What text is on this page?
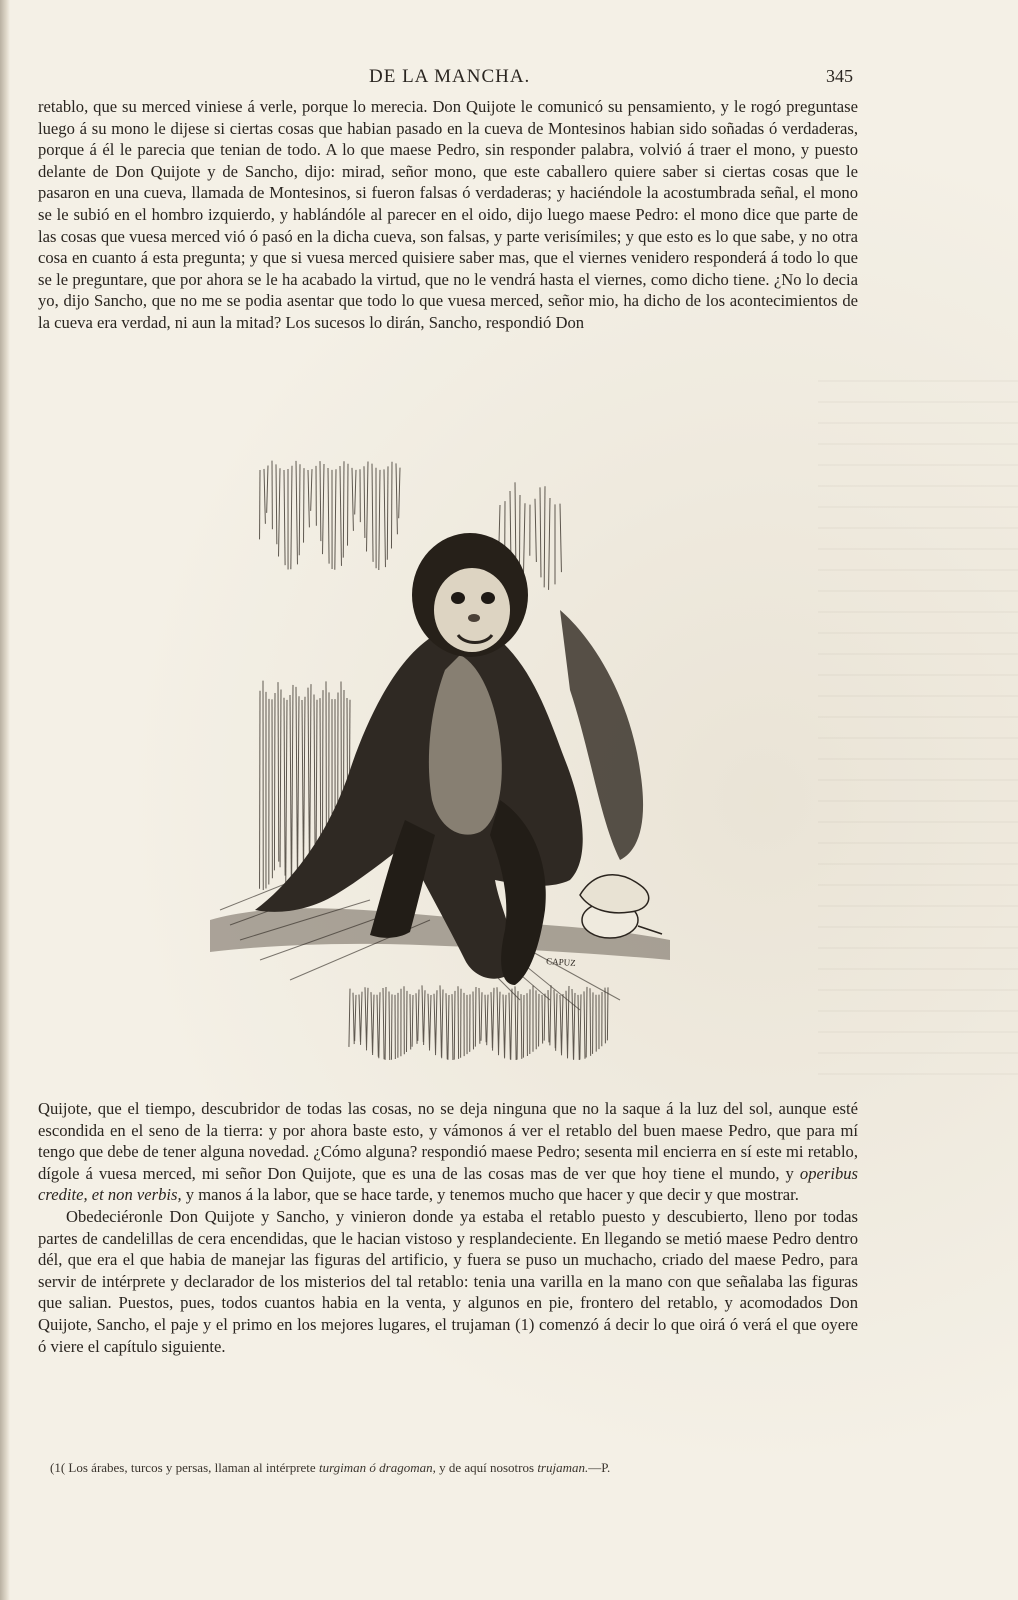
DE LA MANCHA.	345

retablo, que su merced viniese á verle, porque lo merecia. Don Quijote le comunicó su pensamiento, y le rogó preguntase luego á su mono le dijese si ciertas cosas que habian pasado en la cueva de Montesinos habian sido soñadas ó verdaderas, porque á él le parecia que tenian de todo. A lo que maese Pedro, sin responder palabra, volvió á traer el mono, y puesto delante de Don Quijote y de Sancho, dijo: mirad, señor mono, que este caballero quiere saber si ciertas cosas que le pasaron en una cueva, llamada de Montesinos, si fueron falsas ó verdaderas; y haciéndole la acostumbrada señal, el mono se le subió en el hombro izquierdo, y hablándóle al parecer en el oido, dijo luego maese Pedro: el mono dice que parte de las cosas que vuesa merced vió ó pasó en la dicha cueva, son falsas, y parte verisímiles; y que esto es lo que sabe, y no otra cosa en cuanto á esta pregunta; y que si vuesa merced quisiere saber mas, que el viernes venidero responderá á todo lo que se le preguntare, que por ahora se le ha acabado la virtud, que no le vendrá hasta el viernes, como dicho tiene. ¿No lo decia yo, dijo Sancho, que no me se podia asentar que todo lo que vuesa merced, señor mio, ha dicho de los acontecimientos de la cueva era verdad, ni aun la mitad? Los sucesos lo dirán, Sancho, respondió Don

CAPUZ

Quijote, que el tiempo, descubridor de todas las cosas, no se deja ninguna que no la saque á la luz del sol, aunque esté escondida en el seno de la tierra: y por ahora baste esto, y vámonos á ver el retablo del buen maese Pedro, que para mí tengo que debe de tener alguna novedad. ¿Cómo alguna? respondió maese Pedro; sesenta mil encierra en sí este mi retablo, dígole á vuesa merced, mi señor Don Quijote, que es una de las cosas mas de ver que hoy tiene el mundo, y operibus credite, et non verbis, y manos á la labor, que se hace tarde, y tenemos mucho que hacer y que decir y que mostrar.

Obedeciéronle Don Quijote y Sancho, y vinieron donde ya estaba el retablo puesto y descubierto, lleno por todas partes de candelillas de cera encendidas, que le hacian vistoso y resplandeciente. En llegando se metió maese Pedro dentro dél, que era el que habia de manejar las figuras del artificio, y fuera se puso un muchacho, criado del maese Pedro, para servir de intérprete y declarador de los misterios del tal retablo: tenia una varilla en la mano con que señalaba las figuras que salian. Puestos, pues, todos cuantos habia en la venta, y algunos en pie, frontero del retablo, y acomodados Don Quijote, Sancho, el paje y el primo en los mejores lugares, el trujaman (1) comenzó á decir lo que oirá ó verá el que oyere ó viere el capítulo siguiente.

(1( Los árabes, turcos y persas, llaman al intérprete turgiman ó dragoman, y de aquí nosotros trujaman.—P.
